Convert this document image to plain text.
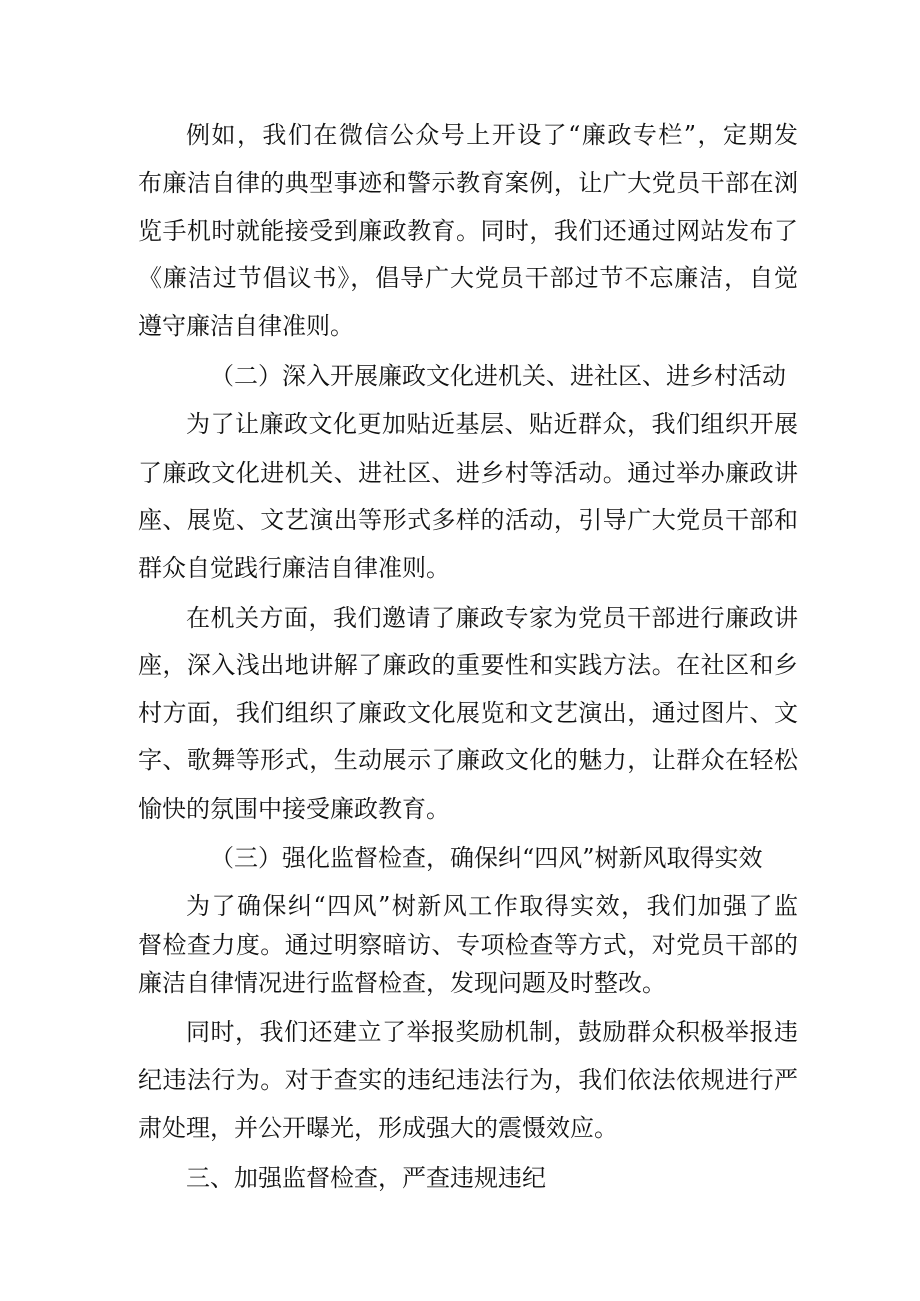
例如，我们在微信公众号上开设了“廉政专栏”，定期发
布廉洁自律的典型事迹和警示教育案例，让广大党员干部在浏
览手机时就能接受到廉政教育。同时，我们还通过网站发布了
《廉洁过节倡议书》，倡导广大党员干部过节不忘廉洁，自觉
遵守廉洁自律准则。
（二）深入开展廉政文化进机关、进社区、进乡村活动
为了让廉政文化更加贴近基层、贴近群众，我们组织开展
了廉政文化进机关、进社区、进乡村等活动。通过举办廉政讲
座、展览、文艺演出等形式多样的活动，引导广大党员干部和
群众自觉践行廉洁自律准则。
在机关方面，我们邀请了廉政专家为党员干部进行廉政讲
座，深入浅出地讲解了廉政的重要性和实践方法。在社区和乡
村方面，我们组织了廉政文化展览和文艺演出，通过图片、文
字、歌舞等形式，生动展示了廉政文化的魅力，让群众在轻松
愉快的氛围中接受廉政教育。
（三）强化监督检查，确保纠“四风”树新风取得实效
为了确保纠“四风”树新风工作取得实效，我们加强了监
督检查力度。通过明察暗访、专项检查等方式，对党员干部的
廉洁自律情况进行监督检查，发现问题及时整改。
同时，我们还建立了举报奖励机制，鼓励群众积极举报违
纪违法行为。对于查实的违纪违法行为，我们依法依规进行严
肃处理，并公开曝光，形成强大的震慑效应。
三、加强监督检查，严查违规违纪
